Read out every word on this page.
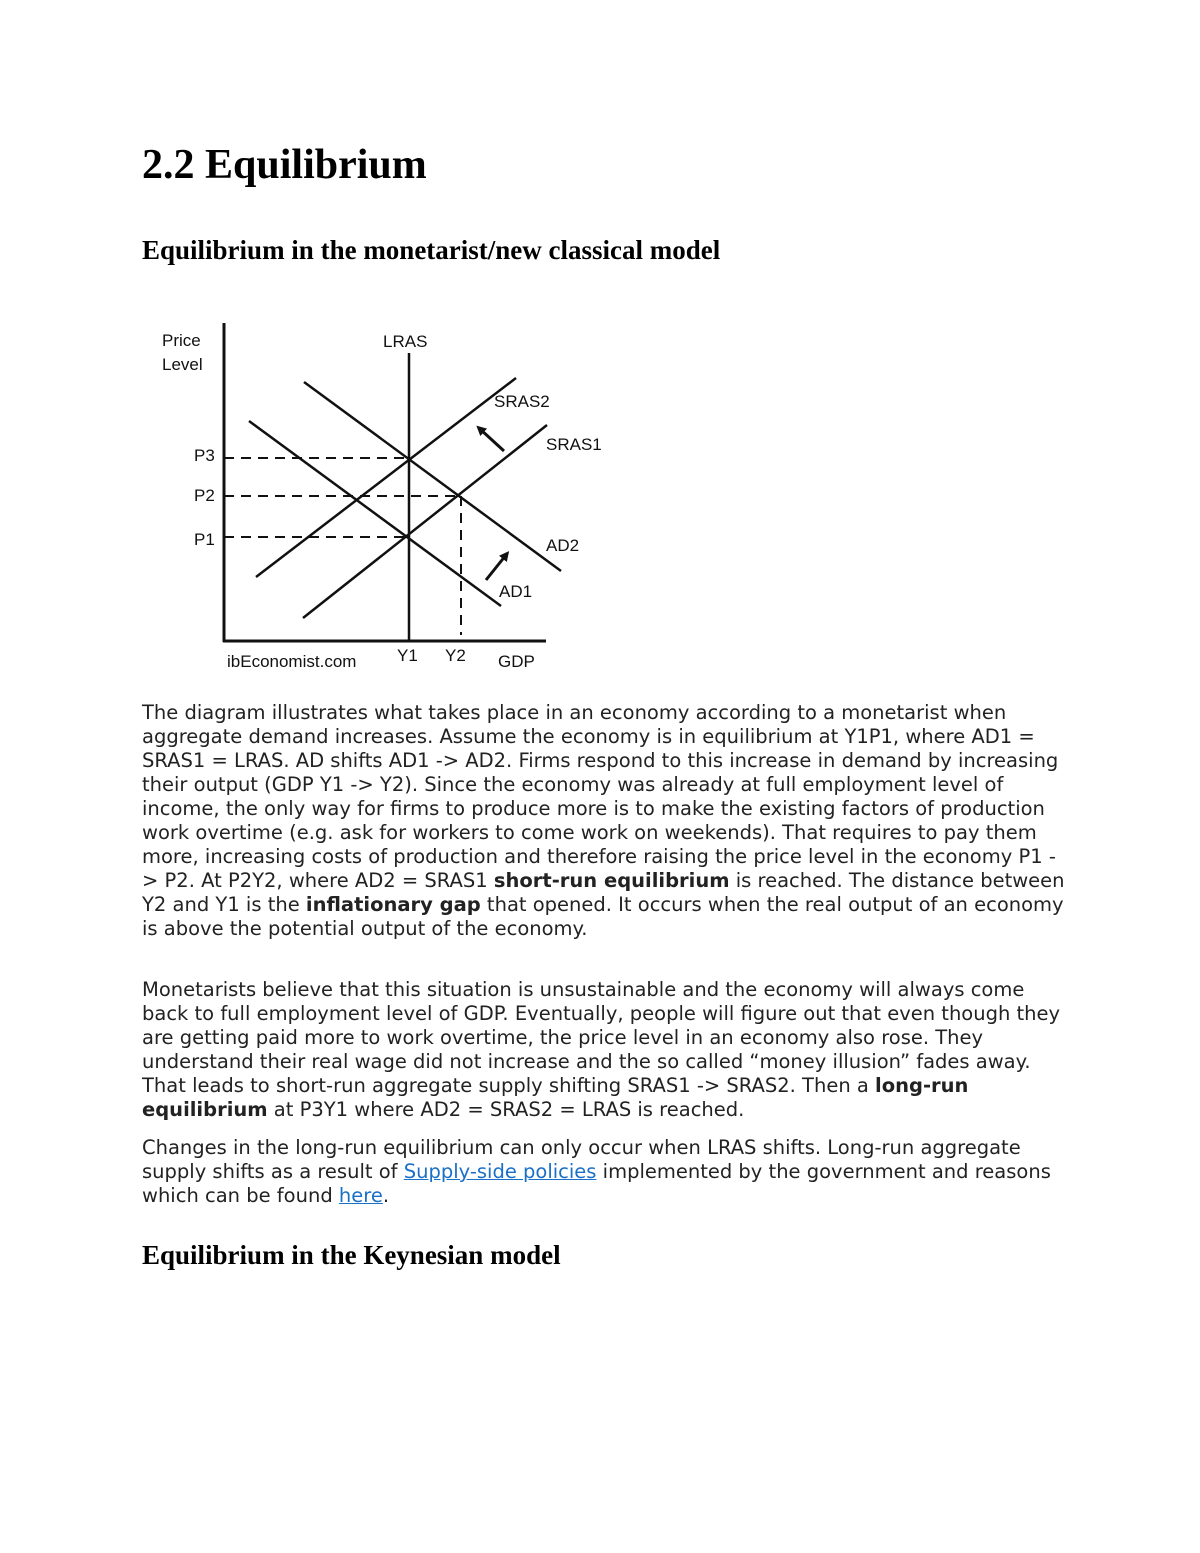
2.2 Equilibrium
Equilibrium in the monetarist/new classical model
Price
Level
LRAS
SRAS2
SRAS1
AD2
AD1
P3
P2
P1
Y1 Y2 GDP
ibEconomist.com

The diagram illustrates what takes place in an economy according to a monetarist when aggregate demand increases. Assume the economy is in equilibrium at Y1P1, where AD1 = SRAS1 = LRAS. AD shifts AD1 -> AD2. Firms respond to this increase in demand by increasing their output (GDP Y1 -> Y2). Since the economy was already at full employment level of income, the only way for firms to produce more is to make the existing factors of production work overtime (e.g. ask for workers to come work on weekends). That requires to pay them more, increasing costs of production and therefore raising the price level in the economy P1 -> P2. At P2Y2, where AD2 = SRAS1 short-run equilibrium is reached. The distance between Y2 and Y1 is the inflationary gap that opened. It occurs when the real output of an economy is above the potential output of the economy.

Monetarists believe that this situation is unsustainable and the economy will always come back to full employment level of GDP. Eventually, people will figure out that even though they are getting paid more to work overtime, the price level in an economy also rose. They understand their real wage did not increase and the so called “money illusion” fades away. That leads to short-run aggregate supply shifting SRAS1 -> SRAS2. Then a long-run equilibrium at P3Y1 where AD2 = SRAS2 = LRAS is reached.

Changes in the long-run equilibrium can only occur when LRAS shifts. Long-run aggregate supply shifts as a result of Supply-side policies implemented by the government and reasons which can be found here.

Equilibrium in the Keynesian model
